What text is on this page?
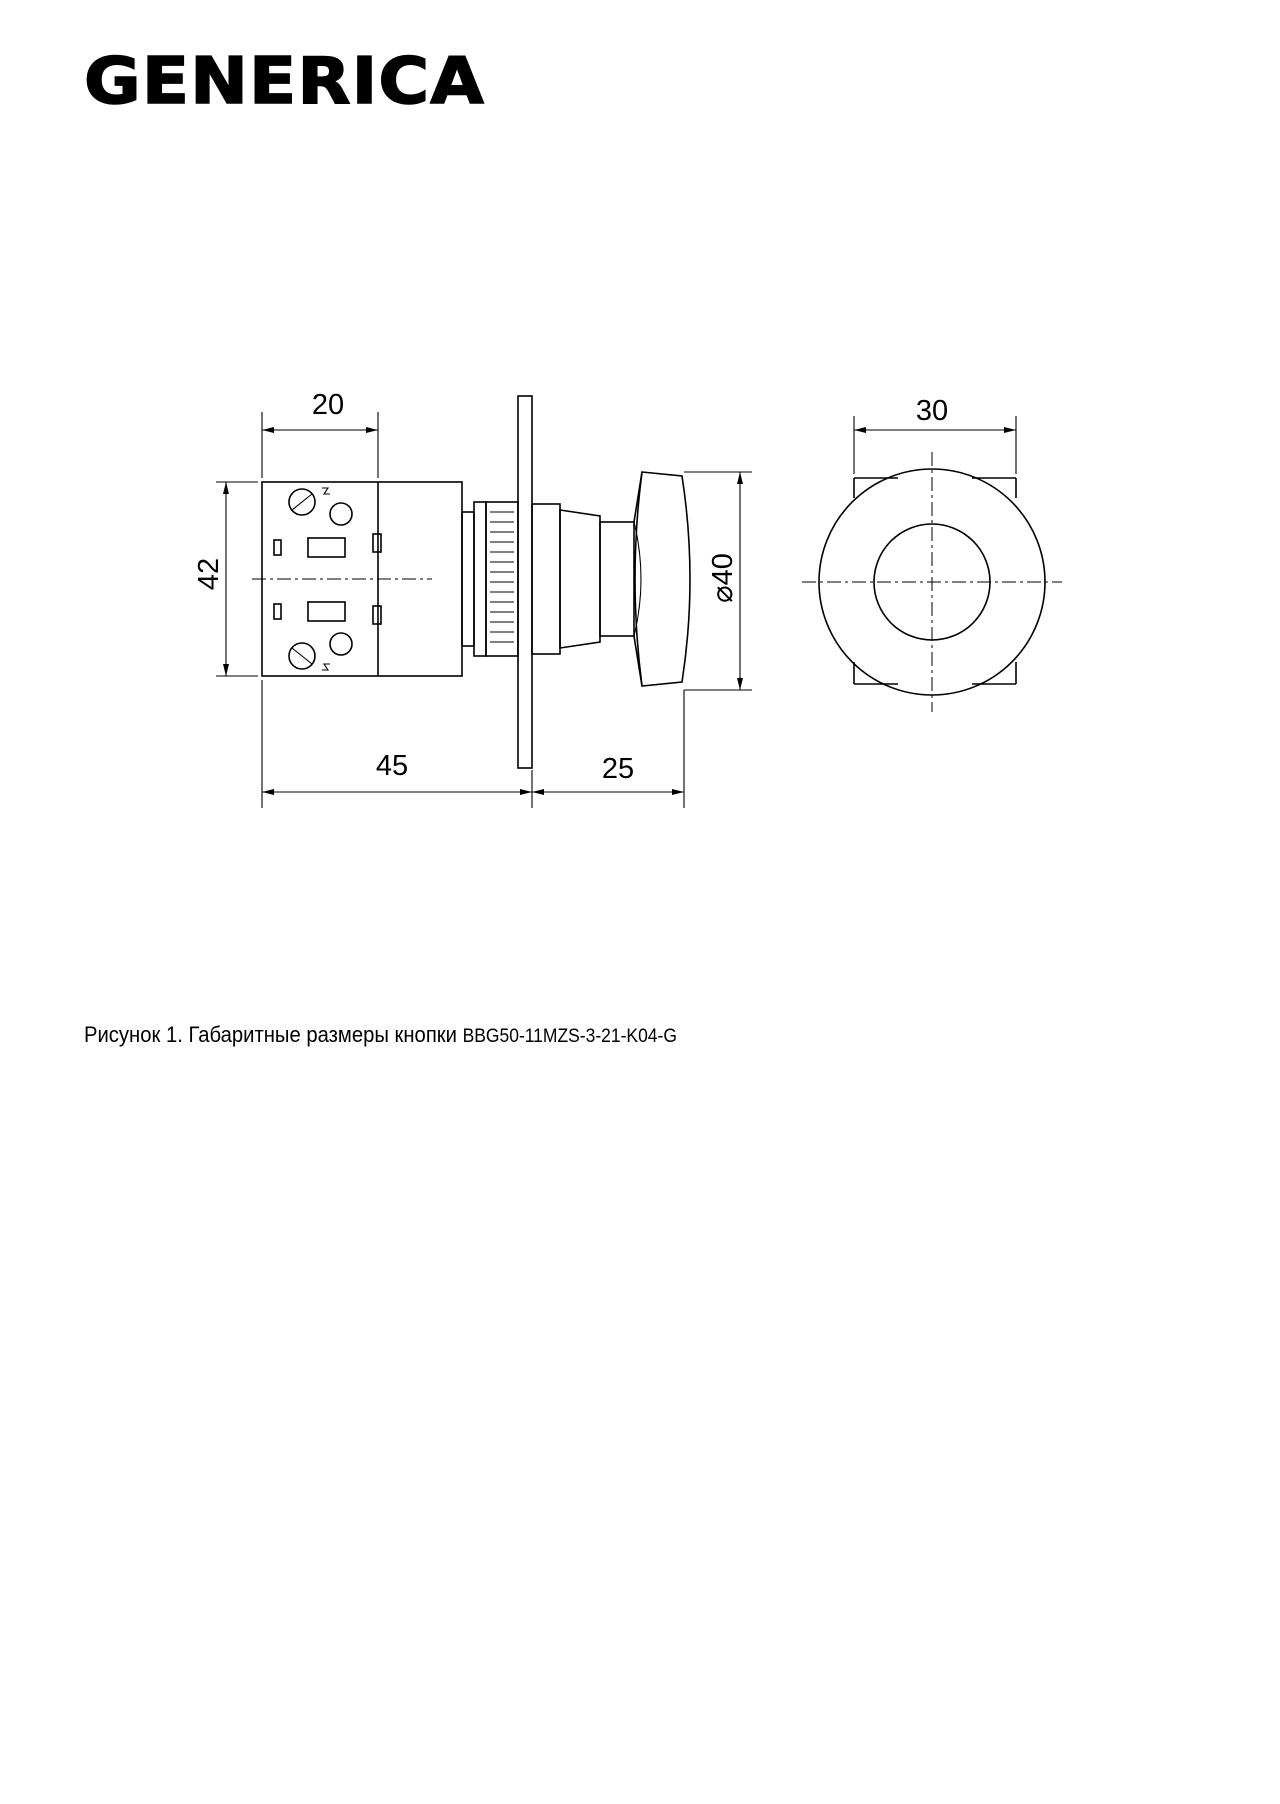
GENERICA
20
42
45	25
⌀40
30
Рисунок 1. Габаритные размеры кнопки BBG50-11MZS-3-21-K04-G
